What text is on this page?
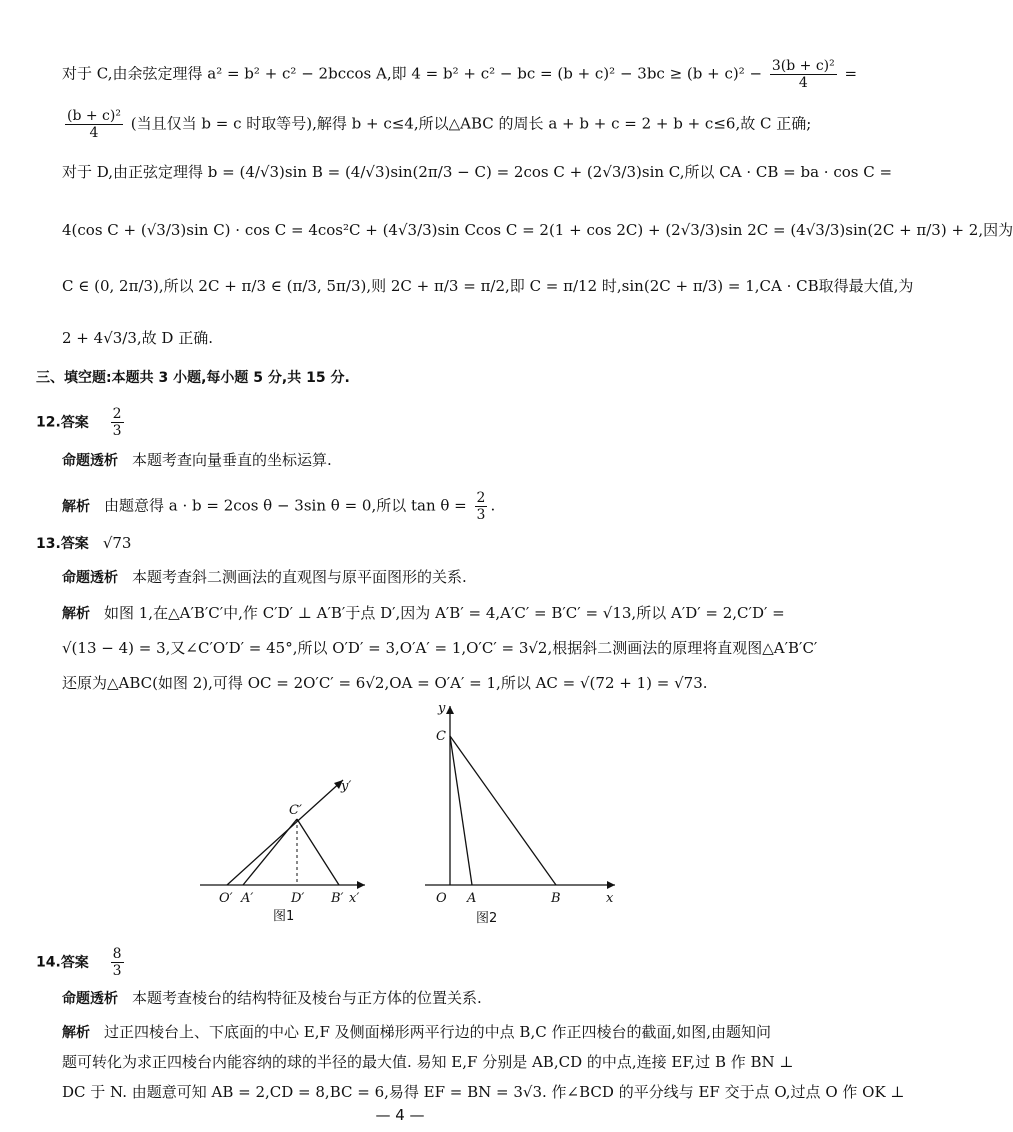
对于 C,由余弦定理得 a² = b² + c² − 2bccos A,即 4 = b² + c² − bc = $(b + c)^2 - 3bc \ge (b + c)^2 - \frac{\text{3(b + c)²}}{4}$ =
$\frac{\text{(b + c)²}}{4}$ (当且仅当 b = c 时取等号),解得 b + c≤4,所以△ABC 的周长 a + b + c = 2 + b + c≤6,故 C 正确;
对于 D,由正弦定理得 b = (4/√3)sin B = (4/√3)sin(2π/3 − C) = 2cos C + (2√3/3)sin C,所以 CA · CB = ba · cos C =
4(cos C + (√3/3)sin C) · cos C = 4cos²C + (4√3/3)sin Ccos C = 2(1 + cos 2C) + (2√3/3)sin 2C = (4√3/3)sin(2C + π/3) + 2,因为
C ∈ (0, 2π/3),所以 2C + π/3 ∈ (π/3, 5π/3),则 2C + π/3 = π/2,即 C = π/12 时,sin(2C + π/3) = 1,CA · CB取得最大值,为
2 + 4√3/3,故 D 正确.
三、填空题:本题共 3 小题,每小题 5 分,共 15 分.
12.答案 $\frac{2}{3}$
命题透析 本题考查向量垂直的坐标运算.
解析 由题意得 a · b = 2cos θ − 3sin θ = 0,所以 $\tan \theta = \frac{2}{3}$ .
13.答案 √73
命题透析 本题考查斜二测画法的直观图与原平面图形的关系.
解析 如图 1,在△A′B′C′中,作 C′D′ ⊥ A′B′于点 D′,因为 A′B′ = 4,A′C′ = B′C′ = √13,所以 A′D′ = 2,C′D′ =
√(13 − 4) = 3,又∠C′O′D′ = 45°,所以 O′D′ = 3,O′A′ = 1,O′C′ = 3√2,根据斜二测画法的原理将直观图△A′B′C′
还原为△ABC(如图 2),可得 OC = 2O′C′ = 6√2,OA = O′A′ = 1,所以 AC = √(72 + 1) = √73.
O′ A′	D′ B′ x′
C′
y′
图1
y
C
O A	B	x
图2
14.答案 $\frac{8}{3}$
命题透析 本题考查棱台的结构特征及棱台与正方体的位置关系.
解析 过正四棱台上、下底面的中心 E,F 及侧面梯形两平行边的中点 B,C 作正四棱台的截面,如图,由题知问
题可转化为求正四棱台内能容纳的球的半径的最大值. 易知 E,F 分别是 AB,CD 的中点,连接 EF,过 B 作 BN ⊥
DC 于 N. 由题意可知 AB = 2,CD = 8,BC = 6,易得 EF = BN = 3√3. 作∠BCD 的平分线与 EF 交于点 O,过点 O 作 OK ⊥
— 4 —
